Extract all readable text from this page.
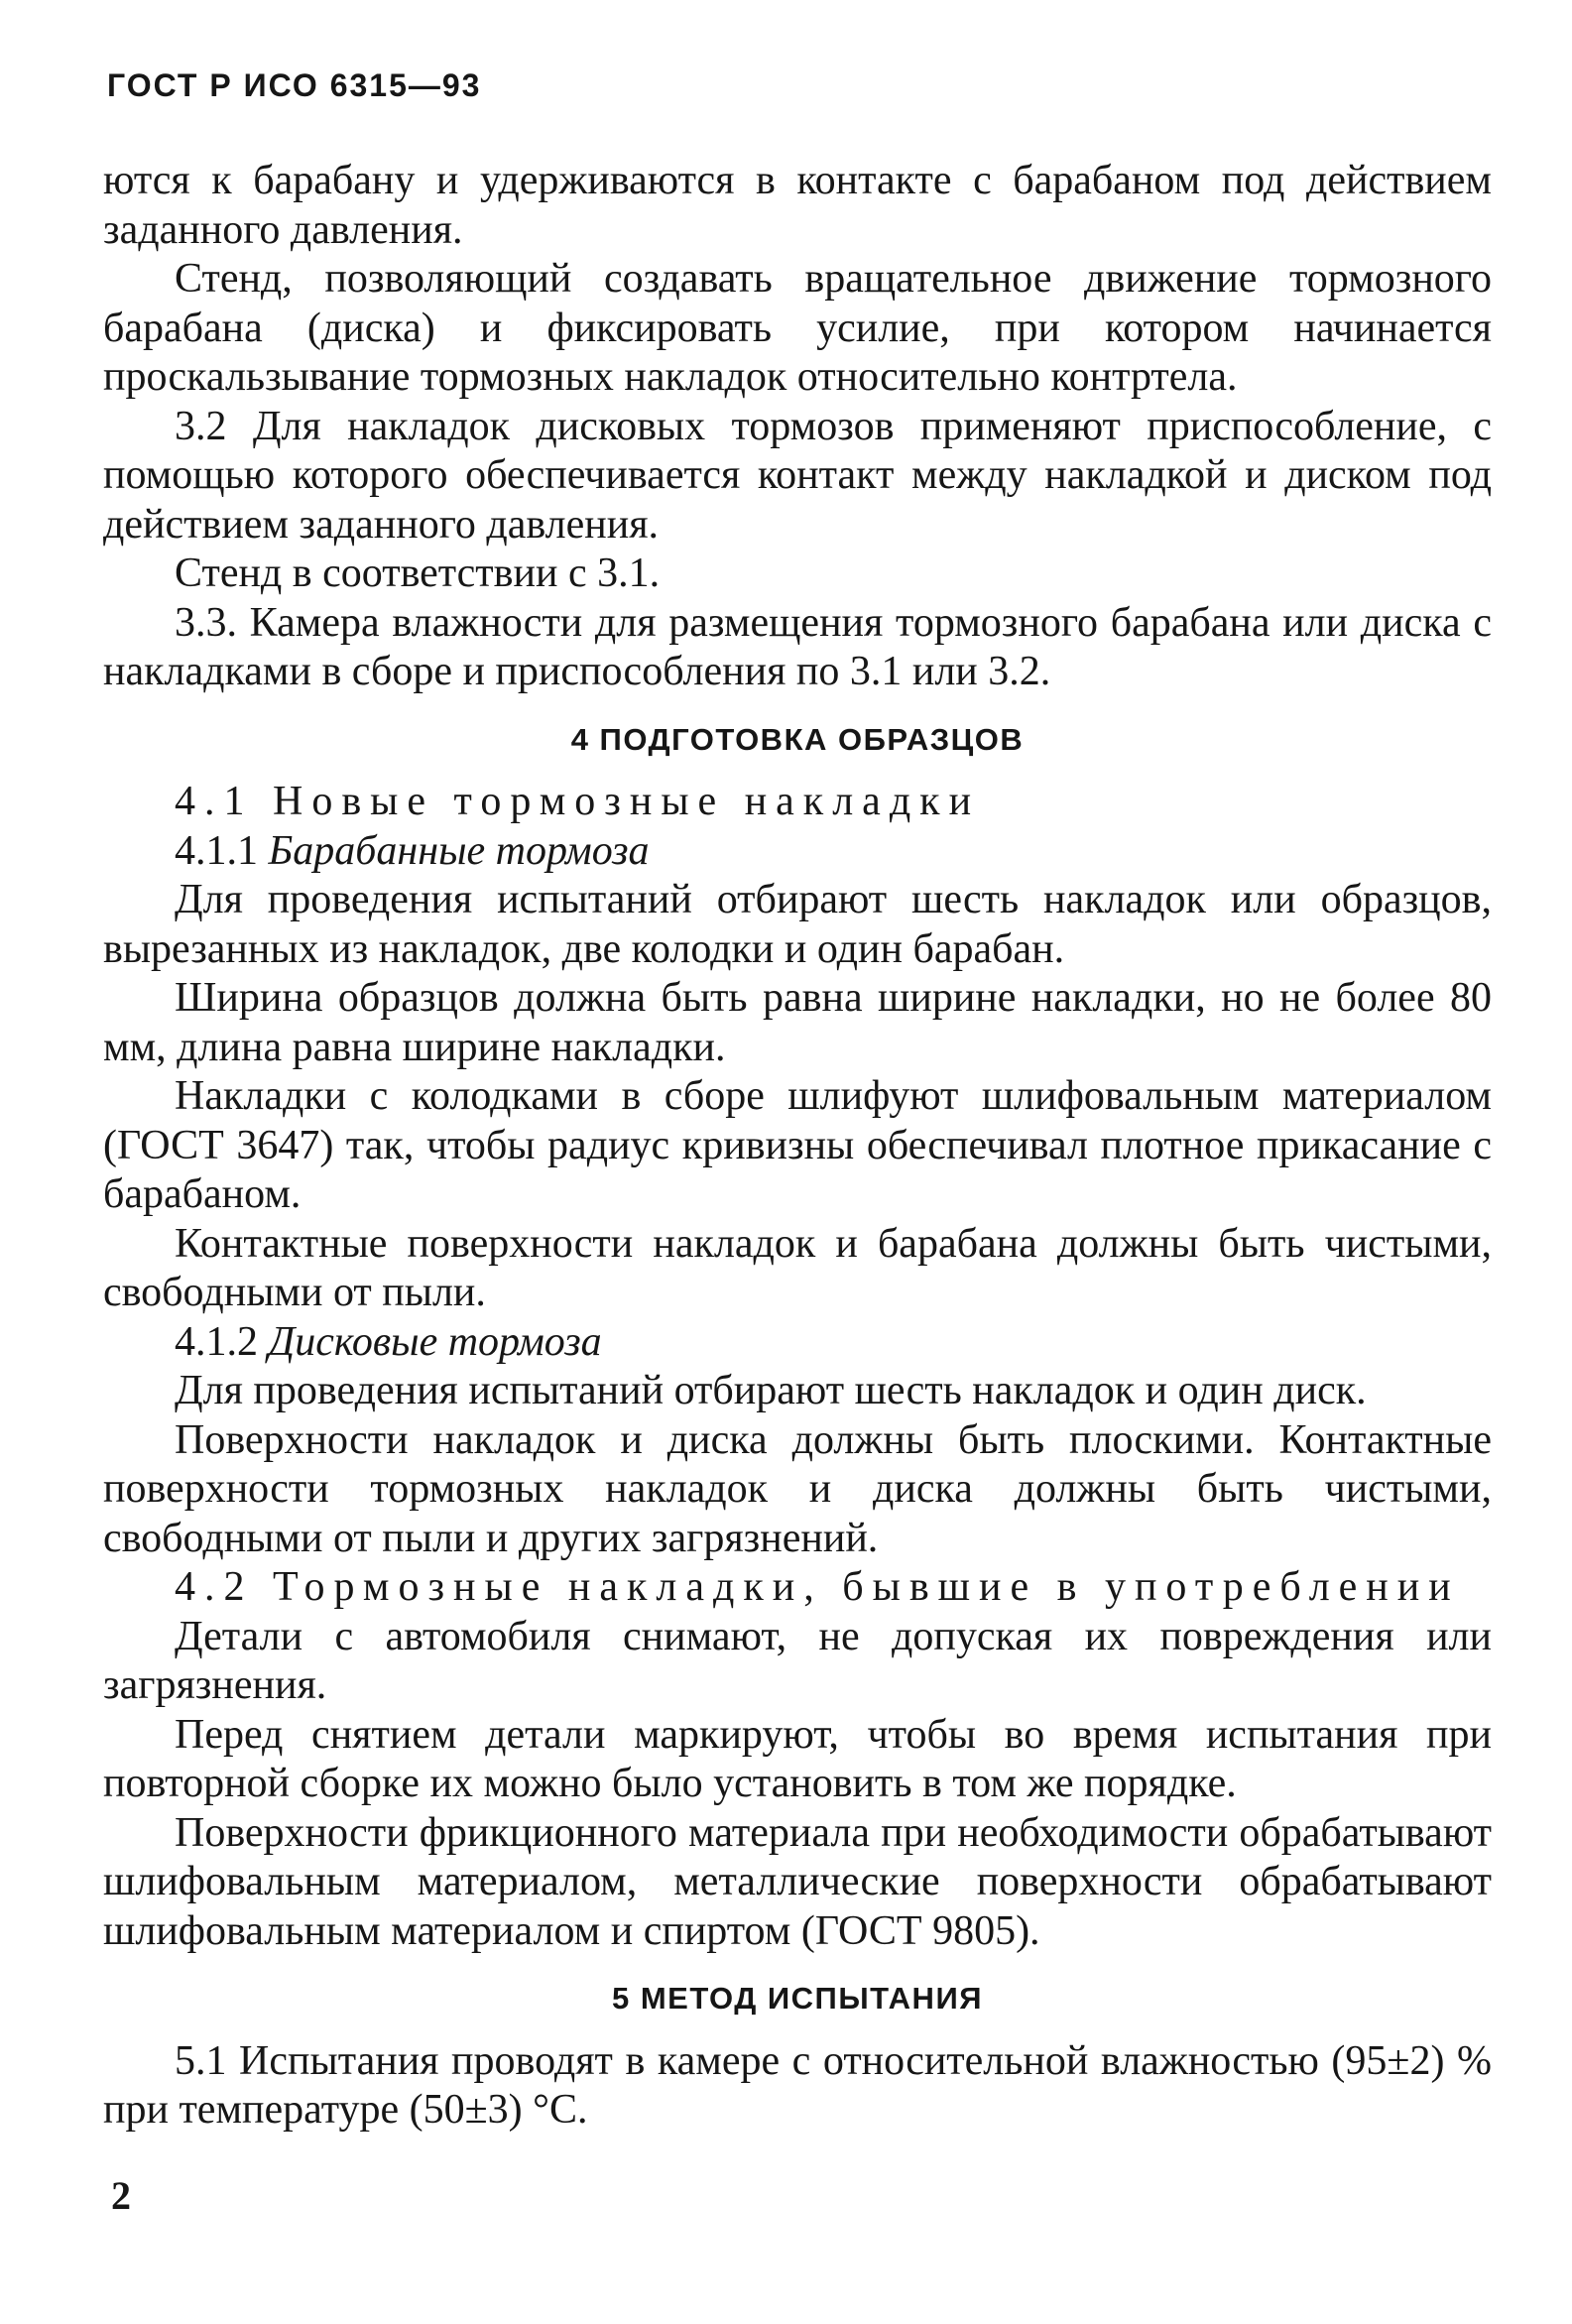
ГОСТ Р ИСО 6315—93

ются к барабану и удерживаются в контакте с барабаном под действием заданного давления.

Стенд, позволяющий создавать вращательное движение тормозного барабана (диска) и фиксировать усилие, при котором начинается проскальзывание тормозных накладок относительно контртела.

3.2 Для накладок дисковых тормозов применяют приспособление, с помощью которого обеспечивается контакт между накладкой и диском под действием заданного давления.

Стенд в соответствии с 3.1.

3.3. Камера влажности для размещения тормозного барабана или диска с накладками в сборе и приспособления по 3.1 или 3.2.

4 ПОДГОТОВКА ОБРАЗЦОВ

4.1 Новые тормозные накладки

4.1.1 Барабанные тормоза

Для проведения испытаний отбирают шесть накладок или образцов, вырезанных из накладок, две колодки и один барабан.

Ширина образцов должна быть равна ширине накладки, но не более 80 мм, длина равна ширине накладки.

Накладки с колодками в сборе шлифуют шлифовальным материалом (ГОСТ 3647) так, чтобы радиус кривизны обеспечивал плотное прикасание с барабаном.

Контактные поверхности накладок и барабана должны быть чистыми, свободными от пыли.

4.1.2 Дисковые тормоза

Для проведения испытаний отбирают шесть накладок и один диск.

Поверхности накладок и диска должны быть плоскими. Контактные поверхности тормозных накладок и диска должны быть чистыми, свободными от пыли и других загрязнений.

4.2 Тормозные накладки, бывшие в употреблении

Детали с автомобиля снимают, не допуская их повреждения или загрязнения.

Перед снятием детали маркируют, чтобы во время испытания при повторной сборке их можно было установить в том же порядке.

Поверхности фрикционного материала при необходимости обрабатывают шлифовальным материалом, металлические поверхности обрабатывают шлифовальным материалом и спиртом (ГОСТ 9805).

5 МЕТОД ИСПЫТАНИЯ

5.1 Испытания проводят в камере с относительной влажностью (95±2) % при температуре (50±3) °С.

2
